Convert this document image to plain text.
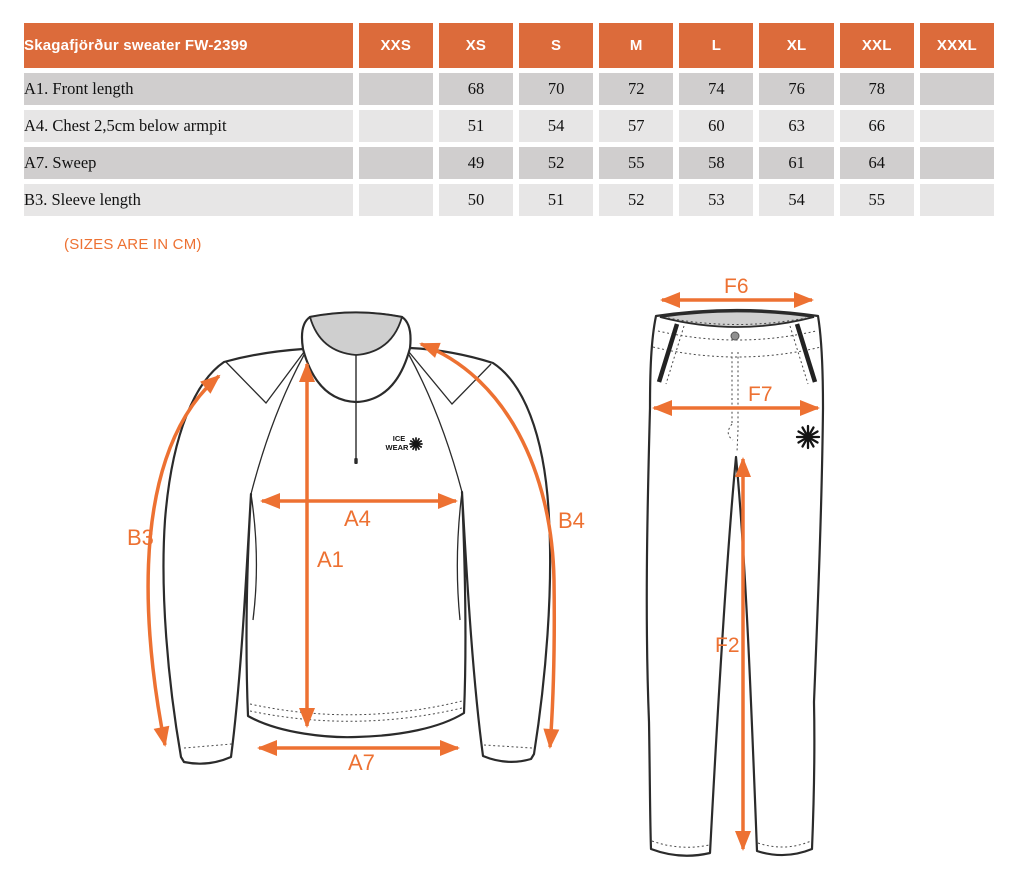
Skagafjörður sweater FW-2399	XXS	XS	S	M	L	XL	XXL	XXXL
A1. Front length		68	70	72	74	76	78	
A4. Chest 2,5cm below armpit		51	54	57	60	63	66	
A7. Sweep		49	52	55	58	61	64	
B3. Sleeve length		50	51	52	53	54	55	
(SIZES ARE IN CM)
ICE
WEAR
B3
B4
A1
A4
A7
F6
F7
F2
